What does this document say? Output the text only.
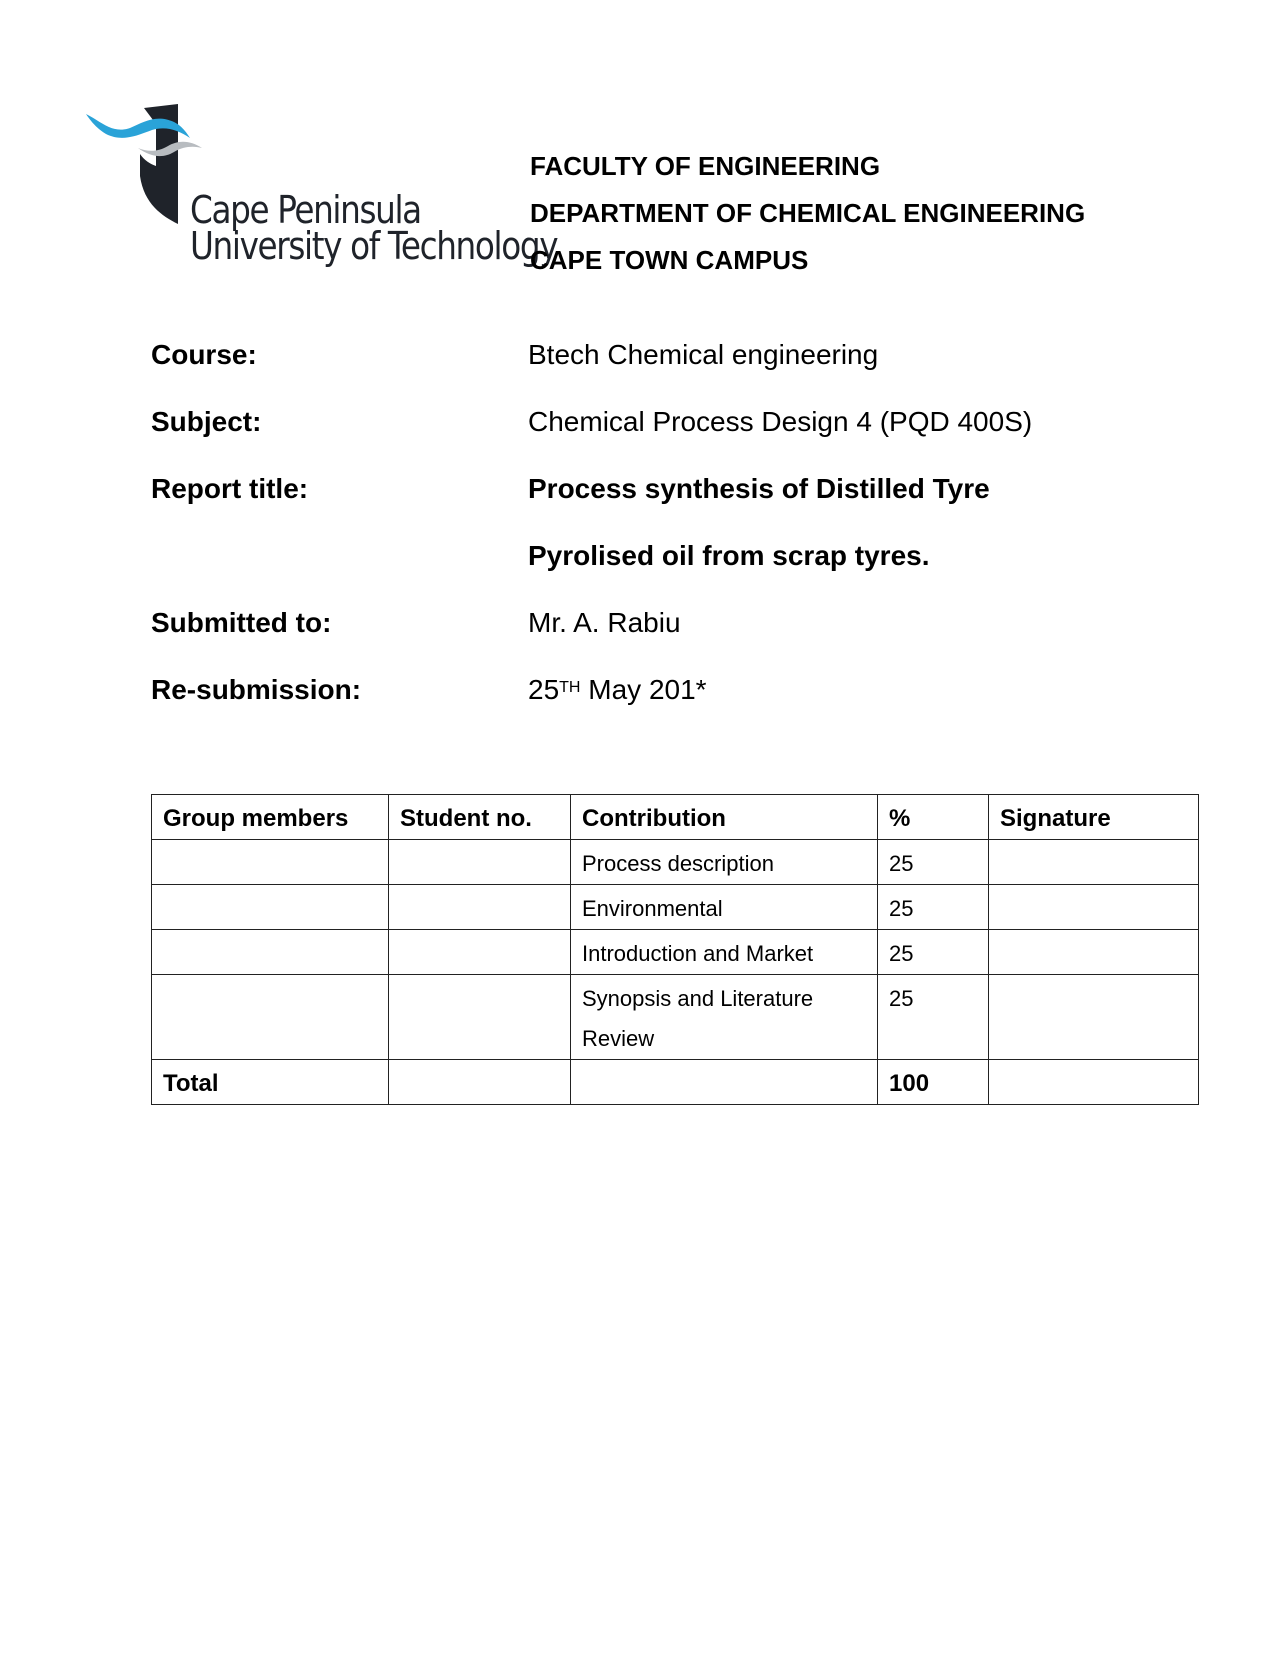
Cape Peninsula
University of Technology
FACULTY OF ENGINEERING
DEPARTMENT OF CHEMICAL ENGINEERING
CAPE TOWN CAMPUS
Course:	Btech Chemical engineering
Subject:	Chemical Process Design 4 (PQD 400S)
Report title:	Process synthesis of Distilled Tyre
Pyrolised oil from scrap tyres.
Submitted to:	Mr. A. Rabiu
Re-submission:	25TH May 201*
Group members	Student no.	Contribution	%	Signature
		Process description	25	
		Environmental	25	
		Introduction and Market	25	
		Synopsis and Literature Review	25	
Total			100	
